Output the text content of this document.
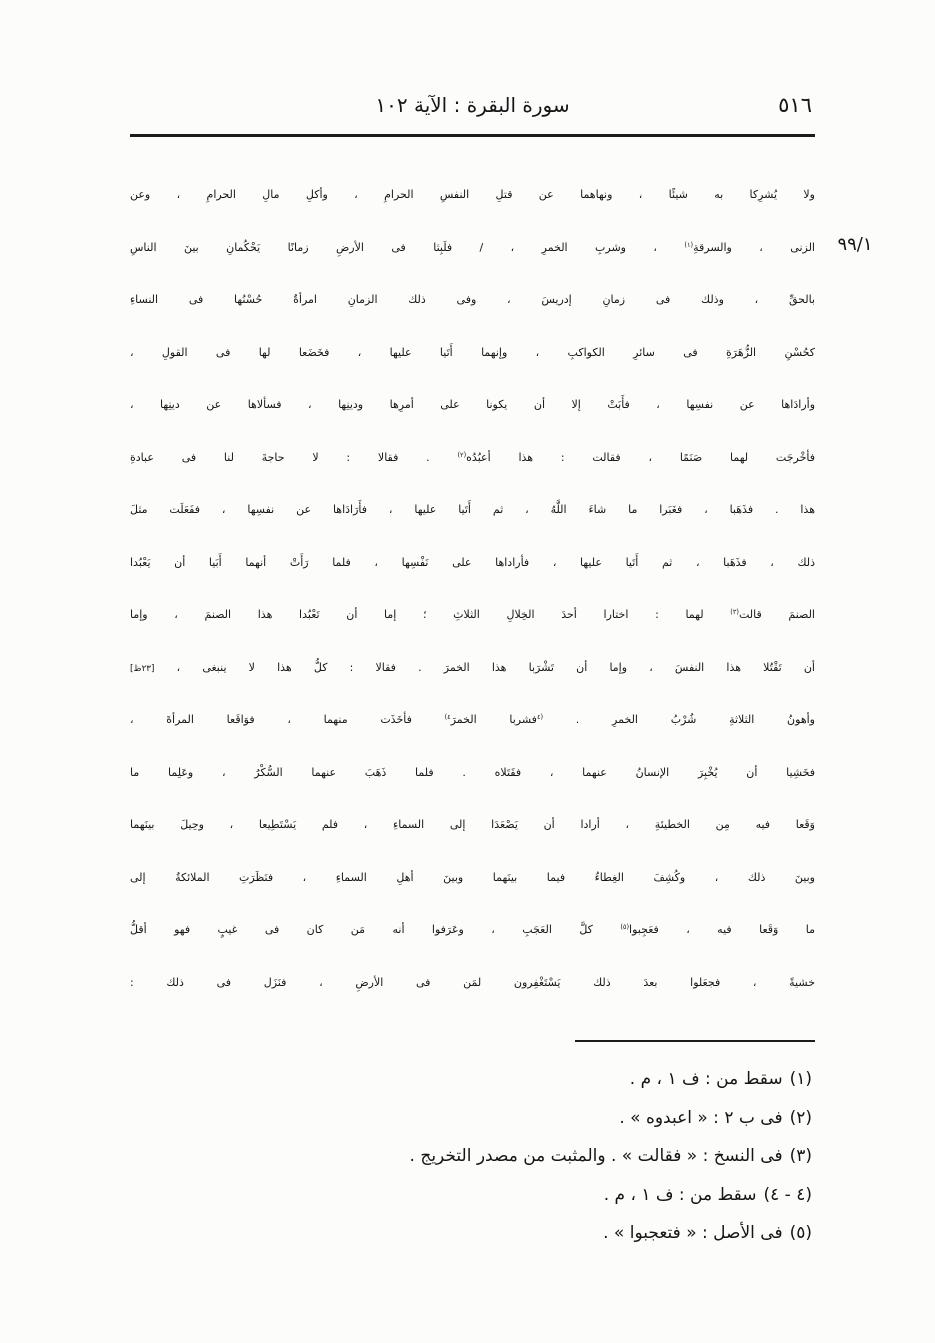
٥١٦
سورة البقرة : الآية ١٠٢
٩٩/١
ولا يُشرِكا به شيئًا ، ونهاهما عن قتلِ النفسِ الحرامِ ، وأكلِ مالِ الحرامِ ، وعن
الزنى ، والسرقةِ$^{(١)}$ ، وشربِ الخمرِ ، / فلَبِثا فى الأرضِ زمانًا يَحْكُمانِ بينَ الناسِ
بالحقِّ ، وذلك فى زمانِ إدريسَ ، وفى ذلك الزمانِ امرأةٌ حُسْنُها فى النساءِ
كحُسْنِ الزُّهَرَةِ فى سائرِ الكواكبِ ، وإنهما أَتَيا عليها ، فخَضَعا لها فى القولِ ،
وأرادَاها عن نفسِها ، فأَبَتْ إلا أن يكونا على أمرِها ودينِها ، فسألاها عن دينِها ،
فأخْرجَت لهما صَنَمًا ، فقالت : هذا أعبُدُه$^{(٢)}$ . فقالا : لا حاجةَ لنا فى عبادةِ
هذا . فذَهَبا ، فغَبَرا ما شاءَ اللَّهُ ، ثم أَتَيا عليها ، فأَرَادَاها عن نفسِها ، ففَعَلَت مثلَ
ذلك ، فذَهَبا ، ثم أَتَيا عليها ، فأراداها على نَفْسِها ، فلما رَأَتْ أنهما أَبَيا أن يَعْبُدا
الصنمَ قالت$^{(٣)}$ لهما : اختارا أحدَ الخِلالِ الثلاثِ ؛ إما أن تَعْبُدا هذا الصنمَ ، وإما
أن تَقْتُلا هذا النفسَ ، وإما أن تَشْرَبا هذا الخمرَ . فقالا : كلُّ هذا لا ينبغى ، [٢٣ظ]
وأهونُ الثلاثةِ شُرْبُ الخمرِ . $^{(٤}$فشربا الخمرَ$^{٤)}$ فأخَذَت منهما ، فوَاقَعا المرأةَ ،
فخَشِيا أن يُخْبِرَ الإنسانُ عنهما ، فقَتَلاه . فلما ذَهَبَ عنهما السُّكْرُ ، وعَلِما ما
وَقَعا فيه مِن الخطيئةِ ، أرادا أن يَصْعَدَا إلى السماءِ ، فلم يَسْتَطِيعا ، وحِيلَ بينَهما
وبينَ ذلك ، وكُشِفَ الغِطاءُ فيما بينَهما وبينَ أهلِ السماءِ ، فنَظَرَتِ الملائكةُ إلى
ما وَقَعا فيه ، فعَجِبوا$^{(٥)}$ كلَّ العَجَبِ ، وعَرَفوا أنه مَن كان فى غيبٍ فهو أقلُّ
خشيةً ، فجعَلوا بعدَ ذلك يَسْتَغْفِرون لمَن فى الأرضِ ، فنَزَل فى ذلك :
(١)سقط من : ف ١ ، م .
(٢)فى ب ٢ : « اعبدوه » .
(٣)فى النسخ : « فقالت » . والمثبت من مصدر التخريج .
(٤ - ٤)سقط من : ف ١ ، م .
(٥)فى الأصل : « فتعجبوا » .
